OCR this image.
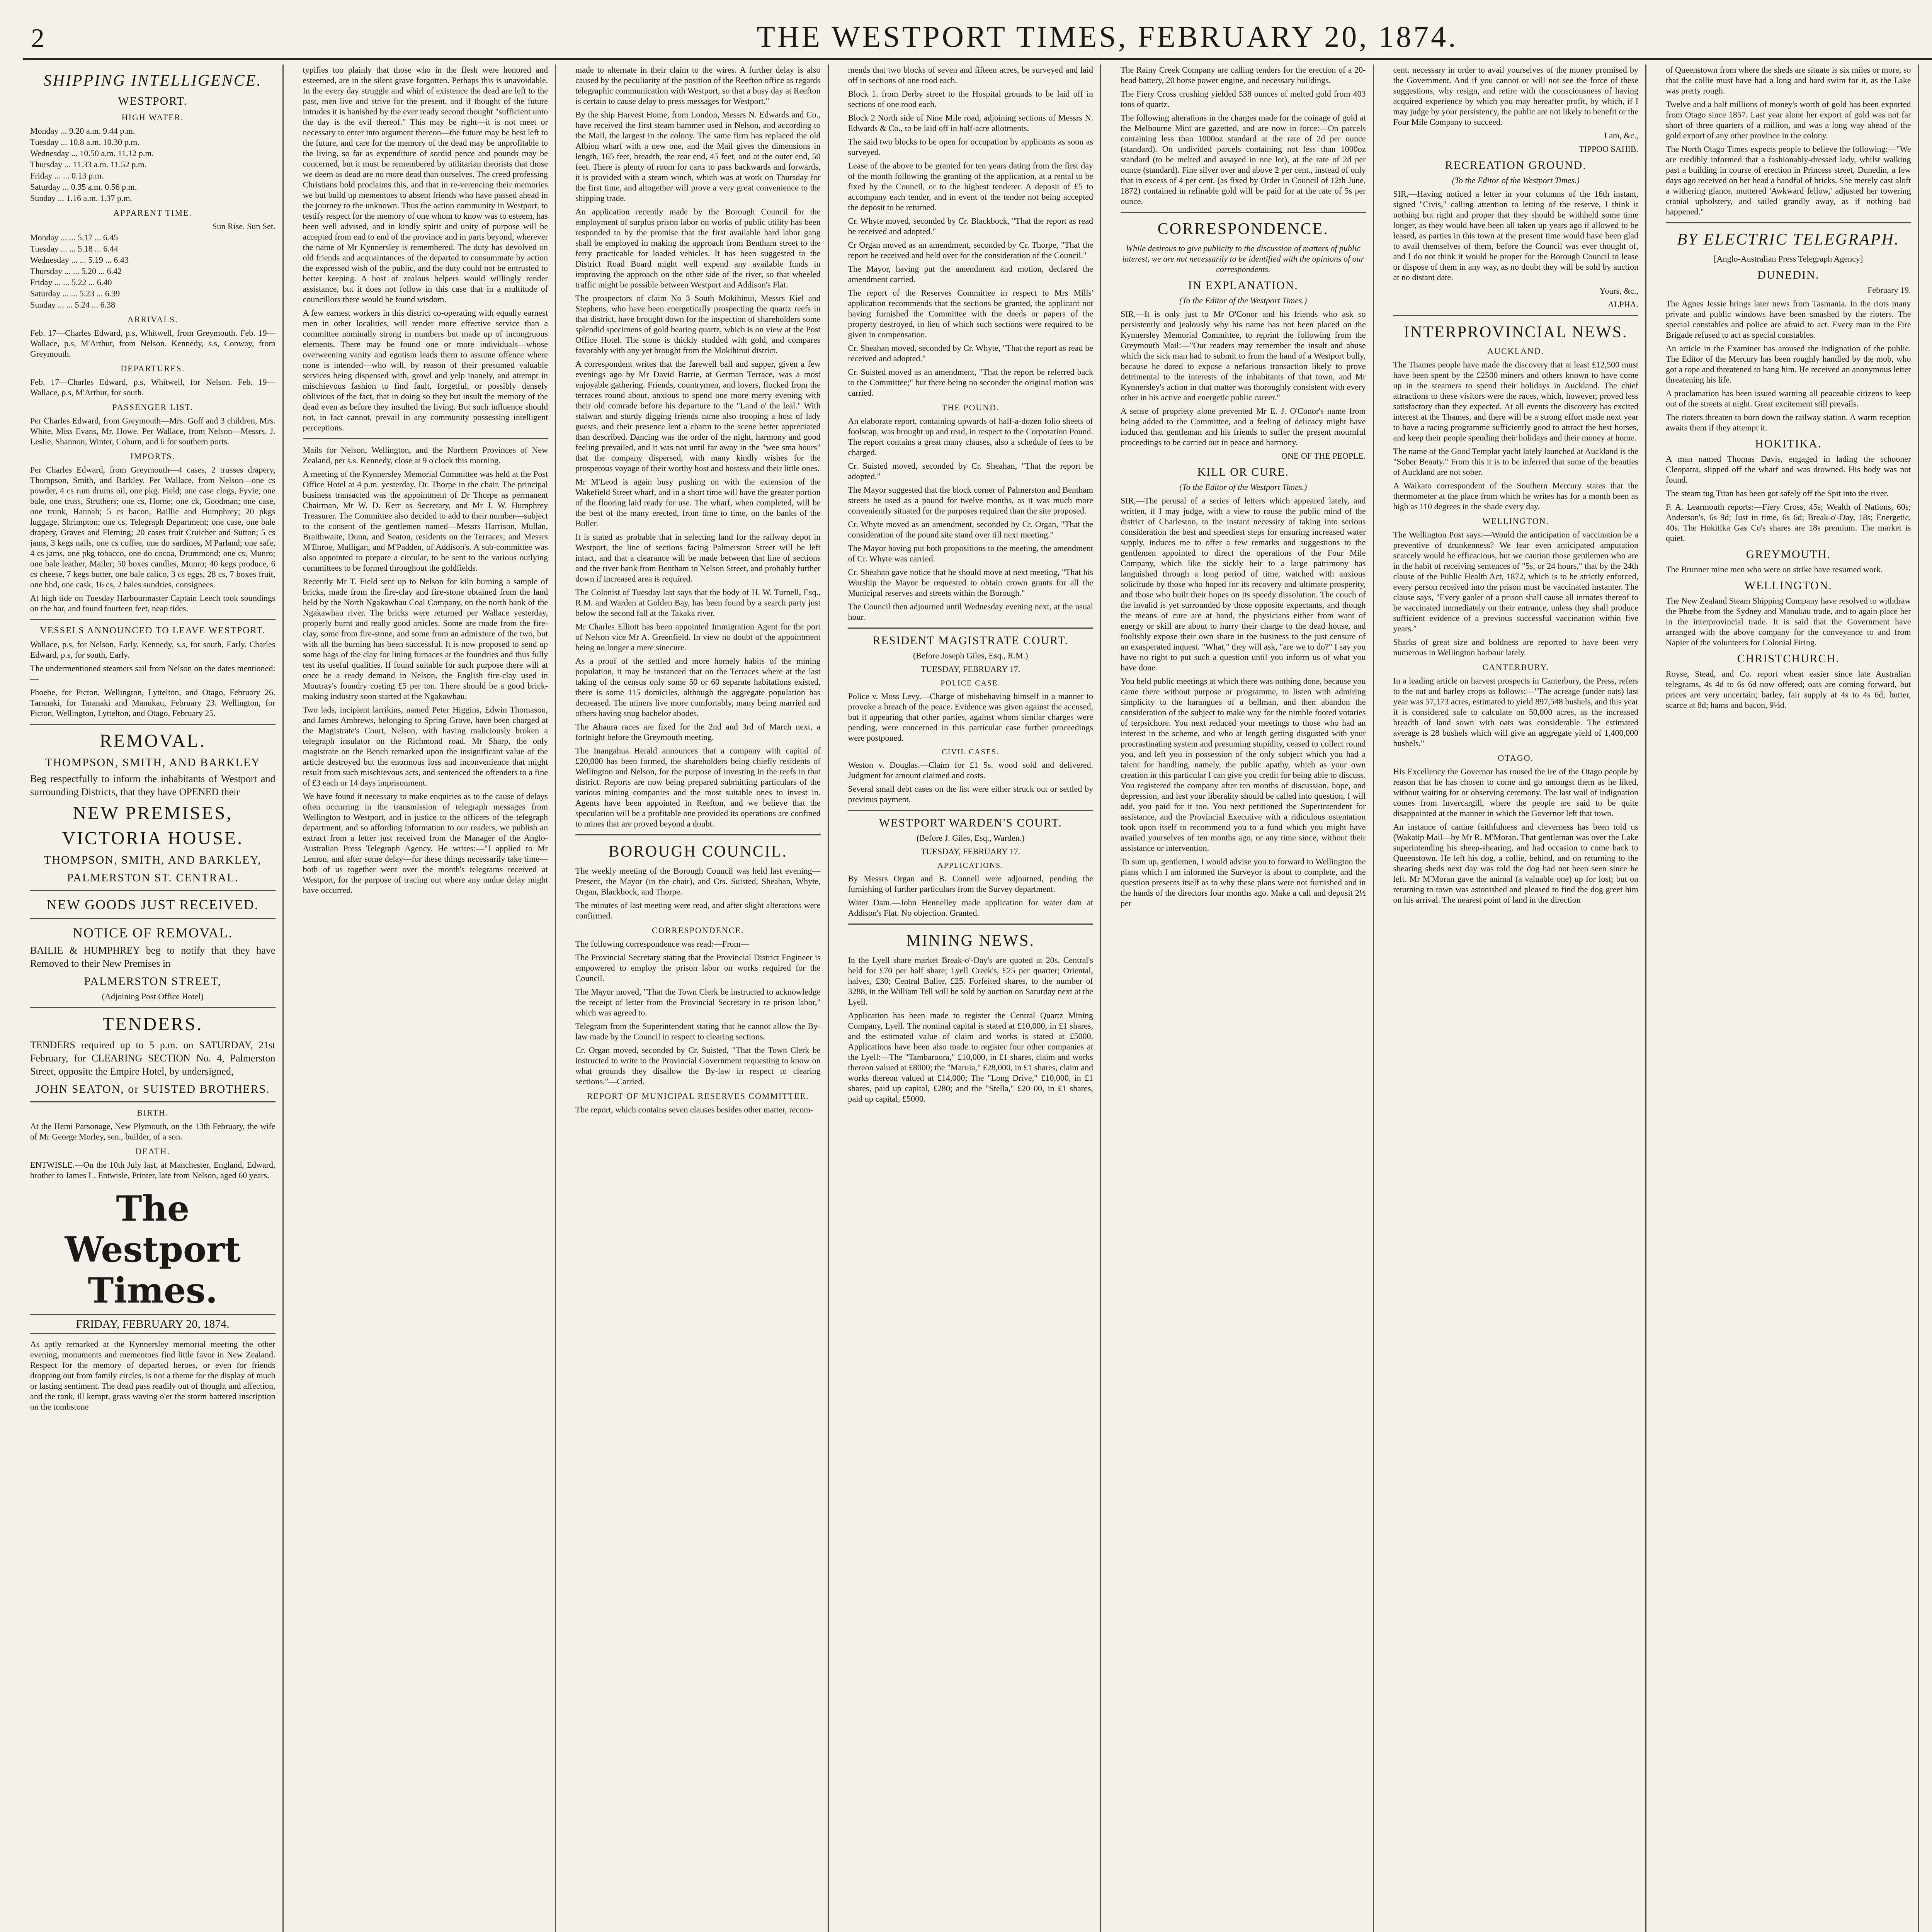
2	THE WESTPORT TIMES, FEBRUARY 20, 1874.
SHIPPING INTELLIGENCE.
WESTPORT.
HIGH WATER.
Monday ... 9.20 a.m. 9.44 p.m.
Tuesday ... 10.8 a.m. 10.30 p.m.
Wednesday ... 10.50 a.m. 11.12 p.m.
Thursday ... 11.33 a.m. 11.52 p.m.
Friday ... ... 0.13 p.m.
Saturday ... 0.35 a.m. 0.56 p.m.
Sunday ... 1.16 a.m. 1.37 p.m.
APPARENT TIME.
Sun Rise. Sun Set.
Monday ... ... 5.17 ... 6.45
Tuesday ... ... 5.18 ... 6.44
Wednesday ... ... 5.19 ... 6.43
Thursday ... ... 5.20 ... 6.42
Friday ... ... 5.22 ... 6.40
Saturday ... ... 5.23 ... 6.39
Sunday ... ... 5.24 ... 6.38
ARRIVALS.

Feb. 17—Charles Edward, p.s, Whitwell, from Greymouth. Feb. 19—Wallace, p.s, M'Arthur, from Nelson. Kennedy, s.s, Conway, from Greymouth.

DEPARTURES.

Feb. 17—Charles Edward, p.s, Whitwell, for Nelson. Feb. 19—Wallace, p.s, M'Arthur, for south.

PASSENGER LIST.

Per Charles Edward, from Greymouth—Mrs. Goff and 3 children, Mrs. White, Miss Evans, Mr. Howe. Per Wallace, from Nelson—Messrs. J. Leslie, Shannon, Winter, Coburn, and 6 for southern ports.

IMPORTS.

Per Charles Edward, from Greymouth—4 cases, 2 trusses drapery, Thompson, Smith, and Barkley. Per Wallace, from Nelson—one cs powder, 4 cs rum drums oil, one pkg. Field; one case clogs, Fyvie; one bale, one truss, Struthers; one cs, Horne; one ck, Goodman; one case, one trunk, Hannah; 5 cs bacon, Baillie and Humphrey; 20 pkgs luggage, Shrimpton; one cs, Telegraph Department; one case, one bale drapery, Graves and Fleming; 20 cases fruit Cruicher and Sutton; 5 cs jams, 3 kegs nails, one cs coffee, one do sardines, M'Parland; one safe, 4 cs jams, one pkg tobacco, one do cocoa, Drummond; one cs, Munro; one bale leather, Mailer; 50 boxes candles, Munro; 40 kegs produce, 6 cs cheese, 7 kegs butter, one bale calico, 3 cs eggs, 28 cs, 7 boxes fruit, one bhd, one cask, 16 cs, 2 bales sundries, consignees.

At high tide on Tuesday Harbourmaster Captain Leech took soundings on the bar, and found fourteen feet, neap tides.

VESSELS ANNOUNCED TO LEAVE WESTPORT.

Wallace, p.s, for Nelson, Early. Kennedy, s.s, for south, Early. Charles Edward, p.s, for south, Early.

The undermentioned steamers sail from Nelson on the dates mentioned:—

Phoebe, for Picton, Wellington, Lyttelton, and Otago, February 26. Taranaki, for Taranaki and Manukau, February 23. Wellington, for Picton, Wellington, Lyttelton, and Otago, February 25.

REMOVAL.
THOMPSON, SMITH, AND BARKLEY

Beg respectfully to inform the inhabitants of Westport and surrounding Districts, that they have OPENED their

NEW PREMISES,
VICTORIA HOUSE.
THOMPSON, SMITH, AND BARKLEY,
PALMERSTON ST. CENTRAL.
NEW GOODS JUST RECEIVED.
NOTICE OF REMOVAL.

BAILIE & HUMPHREY beg to notify that they have Removed to their New Premises in

PALMERSTON STREET,
(Adjoining Post Office Hotel)
TENDERS.

TENDERS required up to 5 p.m. on SATURDAY, 21st February, for CLEARING SECTION No. 4, Palmerston Street, opposite the Empire Hotel, by undersigned,

JOHN SEATON, or SUISTED BROTHERS.
BIRTH.

At the Hemi Parsonage, New Plymouth, on the 13th February, the wife of Mr George Morley, sen., builder, of a son.

DEATH.

ENTWISLE.—On the 10th July last, at Manchester, England, Edward, brother to James L. Entwisle, Printer, late from Nelson, aged 60 years.

The Westport Times.
FRIDAY, FEBRUARY 20, 1874.

As aptly remarked at the Kynnersley memorial meeting the other evening, monuments and mementoes find little favor in New Zealand. Respect for the memory of departed heroes, or even for friends dropping out from family circles, is not a theme for the display of much or lasting sentiment. The dead pass readily out of thought and affection, and the rank, ill kempt, grass waving o'er the storm battered inscription on the tombstone

typifies too plainly that those who in the flesh were honored and esteemed, are in the silent grave forgotten. Perhaps this is unavoidable. In the every day struggle and whirl of existence the dead are left to the past, men live and strive for the present, and if thought of the future intrudes it is banished by the ever ready second thought "sufficient unto the day is the evil thereof." This may be right—it is not meet or necessary to enter into argument thereon—the future may be best left to the future, and care for the memory of the dead may be unprofitable to the living, so far as expenditure of sordid pence and pounds may be concerned, but it must be remembered by utilitarian theorists that those we deem as dead are no more dead than ourselves. The creed professing Christians hold proclaims this, and that in re-verencing their memories we but build up mementoes to absent friends who have passed ahead in the journey to the unknown. Thus the action community in Westport, to testify respect for the memory of one whom to know was to esteem, has been well advised, and in kindly spirit and unity of purpose will be accepted from end to end of the province and in parts beyond, wherever the name of Mr Kynnersley is remembered. The duty has devolved on old friends and acquaintances of the departed to consummate by action the expressed wish of the public, and the duty could not be entrusted to better keeping. A host of zealous helpers would willingly render assistance, but it does not follow in this case that in a multitude of councillors there would be found wisdom.

A few earnest workers in this district co-operating with equally earnest men in other localities, will render more effective service than a committee nominally strong in numbers but made up of incongruous elements. There may be found one or more individuals—whose overweening vanity and egotism leads them to assume offence where none is intended—who will, by reason of their presumed valuable services being dispensed with, growl and yelp inanely, and attempt in mischievous fashion to find fault, forgetful, or possibly densely oblivious of the fact, that in doing so they but insult the memory of the dead even as before they insulted the living. But such influence should not, in fact cannot, prevail in any community possessing intelligent perceptions.

Mails for Nelson, Wellington, and the Northern Provinces of New Zealand, per s.s. Kennedy, close at 9 o'clock this morning.

A meeting of the Kynnersley Memorial Committee was held at the Post Office Hotel at 4 p.m. yesterday, Dr. Thorpe in the chair. The principal business transacted was the appointment of Dr Thorpe as permanent Chairman, Mr W. D. Kerr as Secretary, and Mr J. W. Humphrey Treasurer. The Committee also decided to add to their number—subject to the consent of the gentlemen named—Messrs Harrison, Mullan, Braithwaite, Dunn, and Seaton, residents on the Terraces; and Messrs M'Enroe, Mulligan, and M'Padden, of Addison's. A sub-committee was also appointed to prepare a circular, to be sent to the various outlying committees to be formed throughout the goldfields.

Recently Mr T. Field sent up to Nelson for kiln burning a sample of bricks, made from the fire-clay and fire-stone obtained from the land held by the North Ngakawhau Coal Company, on the north bank of the Ngakawhau river. The bricks were returned per Wallace yesterday, properly burnt and really good articles. Some are made from the fire-clay, some from fire-stone, and some from an admixture of the two, but with all the burning has been successful. It is now proposed to send up some bags of the clay for lining furnaces at the foundries and thus fully test its useful qualities. If found suitable for such purpose there will at once be a ready demand in Nelson, the English fire-clay used in Moutray's foundry costing £5 per ton. There should be a good brick-making industry soon started at the Ngakawhau.

Two lads, incipient larrikins, named Peter Higgins, Edwin Thomason, and James Ambrews, belonging to Spring Grove, have been charged at the Magistrate's Court, Nelson, with having maliciously broken a telegraph insulator on the Richmond road. Mr Sharp, the only magistrate on the Bench remarked upon the insignificant value of the article destroyed but the enormous loss and inconvenience that might result from such mischievous acts, and sentenced the offenders to a fine of £3 each or 14 days imprisonment.

We have found it necessary to make enquiries as to the cause of delays often occurring in the transmission of telegraph messages from Wellington to Westport, and in justice to the officers of the telegraph department, and so affording information to our readers, we publish an extract from a letter just received from the Manager of the Anglo-Australian Press Telegraph Agency. He writes:—"I applied to Mr Lemon, and after some delay—for these things necessarily take time—both of us together went over the month's telegrams received at Westport, for the purpose of tracing out where any undue delay might have occurred.

made to alternate in their claim to the wires. A further delay is also caused by the peculiarity of the position of the Reefton office as regards telegraphic communication with Westport, so that a busy day at Reefton is certain to cause delay to press messages for Westport."

By the ship Harvest Home, from London, Messrs N. Edwards and Co., have received the first steam hammer used in Nelson, and according to the Mail, the largest in the colony. The same firm has replaced the old Albion wharf with a new one, and the Mail gives the dimensions in length, 165 feet, breadth, the rear end, 45 feet, and at the outer end, 50 feet. There is plenty of room for carts to pass backwards and forwards, it is provided with a steam winch, which was at work on Thursday for the first time, and altogether will prove a very great convenience to the shipping trade.

An application recently made by the Borough Council for the employment of surplus prison labor on works of public utility has been responded to by the promise that the first available hard labor gang shall be employed in making the approach from Bentham street to the ferry practicable for loaded vehicles. It has been suggested to the District Road Board might well expend any available funds in improving the approach on the other side of the river, so that wheeled traffic might be possible between Westport and Addison's Flat.

The prospectors of claim No 3 South Mokihinui, Messrs Kiel and Stephens, who have been energetically prospecting the quartz reefs in that district, have brought down for the inspection of shareholders some splendid specimens of gold bearing quartz, which is on view at the Post Office Hotel. The stone is thickly studded with gold, and compares favorably with any yet brought from the Mokihinui district.

A correspondent writes that the farewell ball and supper, given a few evenings ago by Mr David Barrie, at German Terrace, was a most enjoyable gathering. Friends, countrymen, and lovers, flocked from the terraces round about, anxious to spend one more merry evening with their old comrade before his departure to the "Land o' the leal." With stalwart and sturdy digging friends came also trooping a host of lady guests, and their presence lent a charm to the scene better appreciated than described. Dancing was the order of the night, harmony and good feeling prevailed, and it was not until far away in the "wee sma hours" that the company dispersed, with many kindly wishes for the prosperous voyage of their worthy host and hostess and their little ones.

Mr M'Leod is again busy pushing on with the extension of the Wakefield Street wharf, and in a short time will have the greater portion of the flooring laid ready for use. The wharf, when completed, will be the best of the many erected, from time to time, on the banks of the Buller.

It is stated as probable that in selecting land for the railway depot in Westport, the line of sections facing Palmerston Street will be left intact, and that a clearance will be made between that line of sections and the river bank from Bentham to Nelson Street, and probably further down if increased area is required.

The Colonist of Tuesday last says that the body of H. W. Turnell, Esq., R.M. and Warden at Golden Bay, has been found by a search party just below the second fall at the Takaka river.

Mr Charles Elliott has been appointed Immigration Agent for the port of Nelson vice Mr A. Greenfield. In view no doubt of the appointment being no longer a mere sinecure.

As a proof of the settled and more homely habits of the mining population, it may be instanced that on the Terraces where at the last taking of the census only some 50 or 60 separate habitations existed, there is some 115 domiciles, although the aggregate population has decreased. The miners live more comfortably, many being married and others having snug bachelor abodes.

The Ahaura races are fixed for the 2nd and 3rd of March next, a fortnight before the Greymouth meeting.

The Inangahua Herald announces that a company with capital of £20,000 has been formed, the shareholders being chiefly residents of Wellington and Nelson, for the purpose of investing in the reefs in that district. Reports are now being prepared submitting particulars of the various mining companies and the most suitable ones to invest in. Agents have been appointed in Reefton, and we believe that the speculation will be a profitable one provided its operations are confined to mines that are proved beyond a doubt.

BOROUGH COUNCIL.

The weekly meeting of the Borough Council was held last evening—Present, the Mayor (in the chair), and Crs. Suisted, Sheahan, Whyte, Organ, Blackbock, and Thorpe.

The minutes of last meeting were read, and after slight alterations were confirmed.

CORRESPONDENCE.

The following correspondence was read:—From—

The Provincial Secretary stating that the Provincial District Engineer is empowered to employ the prison labor on works required for the Council.

The Mayor moved, "That the Town Clerk be instructed to acknowledge the receipt of letter from the Provincial Secretary in re prison labor," which was agreed to.

Telegram from the Superintendent stating that he cannot allow the By-law made by the Council in respect to clearing sections.

Cr. Organ moved, seconded by Cr. Suisted, "That the Town Clerk be instructed to write to the Provincial Government requesting to know on what grounds they disallow the By-law in respect to clearing sections."—Carried.

REPORT OF MUNICIPAL RESERVES COMMITTEE.

The report, which contains seven clauses besides other matter, recom-

mends that two blocks of seven and fifteen acres, be surveyed and laid off in sections of one rood each.

Block 1. from Derby street to the Hospital grounds to be laid off in sections of one rood each.

Block 2 North side of Nine Mile road, adjoining sections of Messrs N. Edwards & Co., to be laid off in half-acre allotments.

The said two blocks to be open for occupation by applicants as soon as surveyed.

Lease of the above to be granted for ten years dating from the first day of the month following the granting of the application, at a rental to be fixed by the Council, or to the highest tenderer. A deposit of £5 to accompany each tender, and in event of the tender not being accepted the deposit to be returned.

Cr. Whyte moved, seconded by Cr. Blackbock, "That the report as read be received and adopted."

Cr Organ moved as an amendment, seconded by Cr. Thorpe, "That the report be received and held over for the consideration of the Council."

The Mayor, having put the amendment and motion, declared the amendment carried.

The report of the Reserves Committee in respect to Mrs Mills' application recommends that the sections be granted, the applicant not having furnished the Committee with the deeds or papers of the property destroyed, in lieu of which such sections were required to be given in compensation.

Cr. Sheahan moved, seconded by Cr. Whyte, "That the report as read be received and adopted."

Cr. Suisted moved as an amendment, "That the report be referred back to the Committee;" but there being no seconder the original motion was carried.

THE POUND.

An elaborate report, containing upwards of half-a-dozen folio sheets of foolscap, was brought up and read, in respect to the Corporation Pound. The report contains a great many clauses, also a schedule of fees to be charged.

Cr. Suisted moved, seconded by Cr. Sheahan, "That the report be adopted."

The Mayor suggested that the block corner of Palmerston and Bentham streets be used as a pound for twelve months, as it was much more conveniently situated for the purposes required than the site proposed.

Cr. Whyte moved as an amendment, seconded by Cr. Organ, "That the consideration of the pound site stand over till next meeting."

The Mayor having put both propositions to the meeting, the amendment of Cr. Whyte was carried.

Cr. Sheahan gave notice that he should move at next meeting, "That his Worship the Mayor be requested to obtain crown grants for all the Municipal reserves and streets within the Borough."

The Council then adjourned until Wednesday evening next, at the usual hour.

RESIDENT MAGISTRATE COURT.
(Before Joseph Giles, Esq., R.M.)
TUESDAY, FEBRUARY 17.
POLICE CASE.

Police v. Moss Levy.—Charge of misbehaving himself in a manner to provoke a breach of the peace. Evidence was given against the accused, but it appearing that other parties, against whom similar charges were pending, were concerned in this particular case further proceedings were postponed.

CIVIL CASES.

Weston v. Douglas.—Claim for £1 5s. wood sold and delivered. Judgment for amount claimed and costs.

Several small debt cases on the list were either struck out or settled by previous payment.

WESTPORT WARDEN'S COURT.
(Before J. Giles, Esq., Warden.)
TUESDAY, FEBRUARY 17.
APPLICATIONS.

By Messrs Organ and B. Connell were adjourned, pending the furnishing of further particulars from the Survey department.

Water Dam.—John Hennelley made application for water dam at Addison's Flat. No objection. Granted.

MINING NEWS.

In the Lyell share market Break-o'-Day's are quoted at 20s. Central's held for £70 per half share; Lyell Creek's, £25 per quarter; Oriental, halves, £30; Central Buller, £25. Forfeited shares, to the number of 3288, in the William Tell will be sold by auction on Saturday next at the Lyell.

Application has been made to register the Central Quartz Mining Company, Lyell. The nominal capital is stated at £10,000, in £1 shares, and the estimated value of claim and works is stated at £5000. Applications have been also made to register four other companies at the Lyell:—The "Tambaroora," £10,000, in £1 shares, claim and works thereon valued at £8000; the "Maruia," £28,000, in £1 shares, claim and works thereon valued at £14,000; The "Long Drive," £10,000, in £1 shares, paid up capital, £280; and the "Stella," £20 00, in £1 shares, paid up capital, £5000.

The Rainy Creek Company are calling tenders for the erection of a 20-head battery, 20 horse power engine, and necessary buildings.

The Fiery Cross crushing yielded 538 ounces of melted gold from 403 tons of quartz.

The following alterations in the charges made for the coinage of gold at the Melbourne Mint are gazetted, and are now in force:—On parcels containing less than 1000oz standard at the rate of 2d per ounce (standard). On undivided parcels containing not less than 1000oz standard (to be melted and assayed in one lot), at the rate of 2d per ounce (standard). Fine silver over and above 2 per cent., instead of only that in excess of 4 per cent. (as fixed by Order in Council of 12th June, 1872) contained in refinable gold will be paid for at the rate of 5s per ounce.

CORRESPONDENCE.

While desirous to give publicity to the discussion of matters of public interest, we are not necessarily to be identified with the opinions of our correspondents.

IN EXPLANATION.
(To the Editor of the Westport Times.)

SIR,—It is only just to Mr O'Conor and his friends who ask so persistently and jealously why his name has not been placed on the Kynnersley Memorial Committee, to reprint the following from the Greymouth Mail:—"Our readers may remember the insult and abuse which the sick man had to submit to from the hand of a Westport bully, because he dared to expose a nefarious transaction likely to prove detrimental to the interests of the inhabitants of that town, and Mr Kynnersley's action in that matter was thoroughly consistent with every other in his active and energetic public career."

A sense of propriety alone prevented Mr E. J. O'Conor's name from being added to the Committee, and a feeling of delicacy might have induced that gentleman and his friends to suffer the present mournful proceedings to be carried out in peace and harmony.

ONE OF THE PEOPLE.
KILL OR CURE.
(To the Editor of the Westport Times.)

SIR,—The perusal of a series of letters which appeared lately, and written, if I may judge, with a view to rouse the public mind of the district of Charleston, to the instant necessity of taking into serious consideration the best and speediest steps for ensuring increased water supply, induces me to offer a few remarks and suggestions to the gentlemen appointed to direct the operations of the Four Mile Company, which like the sickly heir to a large patrimony has languished through a long period of time, watched with anxious solicitude by those who hoped for its recovery and ultimate prosperity, and those who built their hopes on its speedy dissolution. The couch of the invalid is yet surrounded by those opposite expectants, and though the means of cure are at hand, the physicians either from want of energy or skill are about to hurry their charge to the dead house, and foolishly expose their own share in the business to the just censure of an exasperated inquest. "What," they will ask, "are we to do?" I say you have no right to put such a question until you inform us of what you have done.

You held public meetings at which there was nothing done, because you came there without purpose or programme, to listen with admiring simplicity to the harangues of a bellman, and then abandon the consideration of the subject to make way for the nimble footed votaries of terpsichore. You next reduced your meetings to those who had an interest in the scheme, and who at length getting disgusted with your procrastinating system and presuming stupidity, ceased to collect round you, and left you in possession of the only subject which you had a talent for handling, namely, the public apathy, which as your own creation in this particular I can give you credit for being able to discuss. You registered the company after ten months of discussion, hope, and depression, and lest your liberality should be called into question, I will add, you paid for it too. You next petitioned the Superintendent for assistance, and the Provincial Executive with a ridiculous ostentation took upon itself to recommend you to a fund which you might have availed yourselves of ten months ago, or any time since, without their assistance or intervention.

To sum up, gentlemen, I would advise you to forward to Wellington the plans which I am informed the Surveyor is about to complete, and the question presents itself as to why these plans were not furnished and in the hands of the directors four months ago. Make a call and deposit 2½ per

cent. necessary in order to avail yourselves of the money promised by the Government. And if you cannot or will not see the force of these suggestions, why resign, and retire with the consciousness of having acquired experience by which you may hereafter profit, by which, if I may judge by your persistency, the public are not likely to benefit or the Four Mile Company to succeed.

I am, &c.,
TIPPOO SAHIB.
RECREATION GROUND.
(To the Editor of the Westport Times.)

SIR,—Having noticed a letter in your columns of the 16th instant, signed "Civis," calling attention to letting of the reserve, I think it nothing but right and proper that they should be withheld some time longer, as they would have been all taken up years ago if allowed to be leased, as parties in this town at the present time would have been glad to avail themselves of them, before the Council was ever thought of, and I do not think it would be proper for the Borough Council to lease or dispose of them in any way, as no doubt they will be sold by auction at no distant date.

Yours, &c.,
ALPHA.
INTERPROVINCIAL NEWS.
AUCKLAND.

The Thames people have made the discovery that at least £12,500 must have been spent by the £2500 miners and others known to have come up in the steamers to spend their holidays in Auckland. The chief attractions to these visitors were the races, which, however, proved less satisfactory than they expected. At all events the discovery has excited interest at the Thames, and there will be a strong effort made next year to have a racing programme sufficiently good to attract the best horses, and keep their people spending their holidays and their money at home.

The name of the Good Templar yacht lately launched at Auckland is the "Sober Beauty." From this it is to be inferred that some of the beauties of Auckland are not sober.

A Waikato correspondent of the Southern Mercury states that the thermometer at the place from which he writes has for a month been as high as 110 degrees in the shade every day.

WELLINGTON.

The Wellington Post says:—Would the anticipation of vaccination be a preventive of drunkenness? We fear even anticipated amputation scarcely would be efficacious, but we caution those gentlemen who are in the habit of receiving sentences of "5s, or 24 hours," that by the 24th clause of the Public Health Act, 1872, which is to be strictly enforced, every person received into the prison must be vaccinated instanter. The clause says, "Every gaoler of a prison shall cause all inmates thereof to be vaccinated immediately on their entrance, unless they shall produce sufficient evidence of a previous successful vaccination within five years."

Sharks of great size and boldness are reported to have been very numerous in Wellington harbour lately.

CANTERBURY.

In a leading article on harvest prospects in Canterbury, the Press, refers to the oat and barley crops as follows:—"The acreage (under oats) last year was 57,173 acres, estimated to yield 897,548 bushels, and this year it is considered safe to calculate on 50,000 acres, as the increased breadth of land sown with oats was considerable. The estimated average is 28 bushels which will give an aggregate yield of 1,400,000 bushels."

OTAGO.

His Excellency the Governor has roused the ire of the Otago people by reason that he has chosen to come and go amongst them as he liked, without waiting for or observing ceremony. The last wail of indignation comes from Invercargill, where the people are said to be quite disappointed at the manner in which the Governor left that town.

An instance of canine faithfulness and cleverness has been told us (Wakatip Mail—by Mr R. M'Moran. That gentleman was over the Lake superintending his sheep-shearing, and had occasion to come back to Queenstown. He left his dog, a collie, behind, and on returning to the shearing sheds next day was told the dog had not been seen since he left. Mr M'Moran gave the animal (a valuable one) up for lost; but on returning to town was astonished and pleased to find the dog greet him on his arrival. The nearest point of land in the direction

of Queenstown from where the sheds are situate is six miles or more, so that the collie must have had a long and hard swim for it, as the Lake was pretty rough.

Twelve and a half millions of money's worth of gold has been exported from Otago since 1857. Last year alone her export of gold was not far short of three quarters of a million, and was a long way ahead of the gold export of any other province in the colony.

The North Otago Times expects people to believe the following:—"We are credibly informed that a fashionably-dressed lady, whilst walking past a building in course of erection in Princess street, Dunedin, a few days ago received on her head a handful of bricks. She merely cast aloft a withering glance, muttered 'Awkward fellow,' adjusted her towering cranial upholstery, and sailed grandly away, as if nothing had happened."

BY ELECTRIC TELEGRAPH.
[Anglo-Australian Press Telegraph Agency]
DUNEDIN.
February 19.

The Agnes Jessie brings later news from Tasmania. In the riots many private and public windows have been smashed by the rioters. The special constables and police are afraid to act. Every man in the Fire Brigade refused to act as special constables.

An article in the Examiner has aroused the indignation of the public. The Editor of the Mercury has been roughly handled by the mob, who got a rope and threatened to hang him. He received an anonymous letter threatening his life.

A proclamation has been issued warning all peaceable citizens to keep out of the streets at night. Great excitement still prevails.

The rioters threaten to burn down the railway station. A warm reception awaits them if they attempt it.

HOKITIKA.

A man named Thomas Davis, engaged in lading the schooner Cleopatra, slipped off the wharf and was drowned. His body was not found.

The steam tug Titan has been got safely off the Spit into the river.

F. A. Learmouth reports:—Fiery Cross, 45s; Wealth of Nations, 60s; Anderson's, 6s 9d; Just in time, 6s 6d; Break-o'-Day, 18s; Energetic, 40s. The Hokitika Gas Co's shares are 18s premium. The market is quiet.

GREYMOUTH.

The Brunner mine men who were on strike have resumed work.

WELLINGTON.

The New Zealand Steam Shipping Company have resolved to withdraw the Phœbe from the Sydney and Manukau trade, and to again place her in the interprovincial trade. It is said that the Government have arranged with the above company for the conveyance to and from Napier of the volunteers for Colonial Firing.

CHRISTCHURCH.

Royse, Stead, and Co. report wheat easier since late Australian telegrams, 4s 4d to 6s 6d now offered; oats are coming forward, but prices are very uncertain; barley, fair supply at 4s to 4s 6d; butter, scarce at 8d; hams and bacon, 9½d.
